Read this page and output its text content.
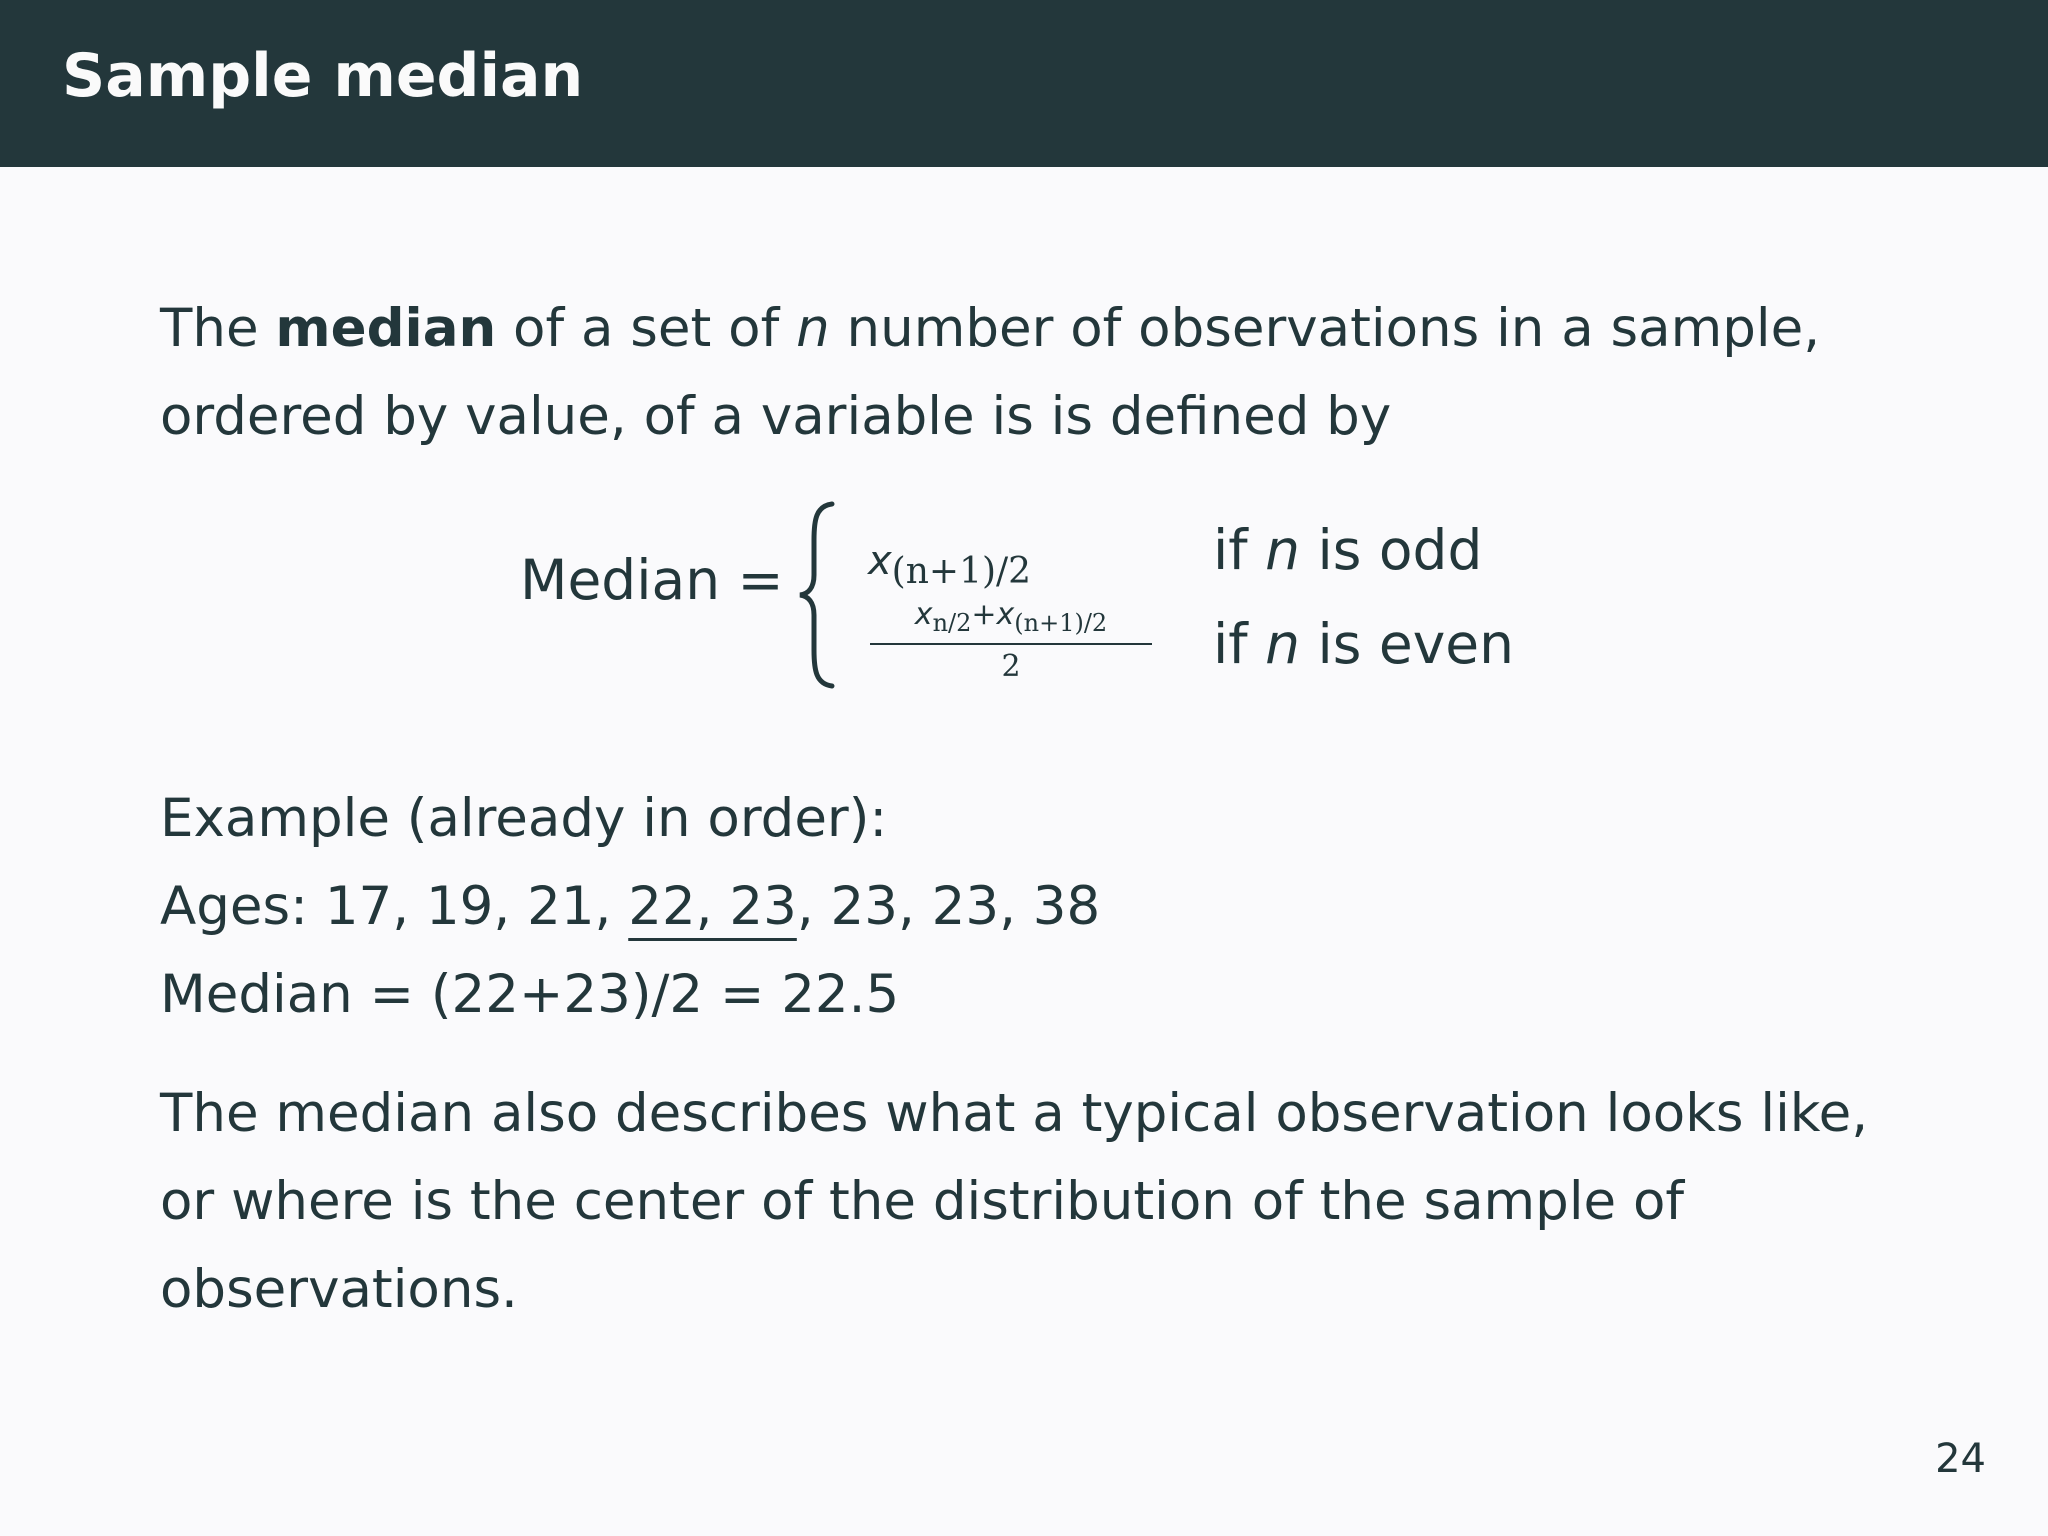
Sample median

The median of a set of n number of observations in a sample, ordered by value, of a variable is is defined by

Median = $x_{(n+1)/2}$
$\frac{x_{n/2}+x_{(n+1)/2}}{2}$
if n is odd
if n is even
Example (already in order):
Ages: 17, 19, 21, 22, 23, 23, 23, 38
Median = (22+23)/2 = 22.5
The median also describes what a typical observation looks like, or where is the center of the distribution of the sample of observations.
24
